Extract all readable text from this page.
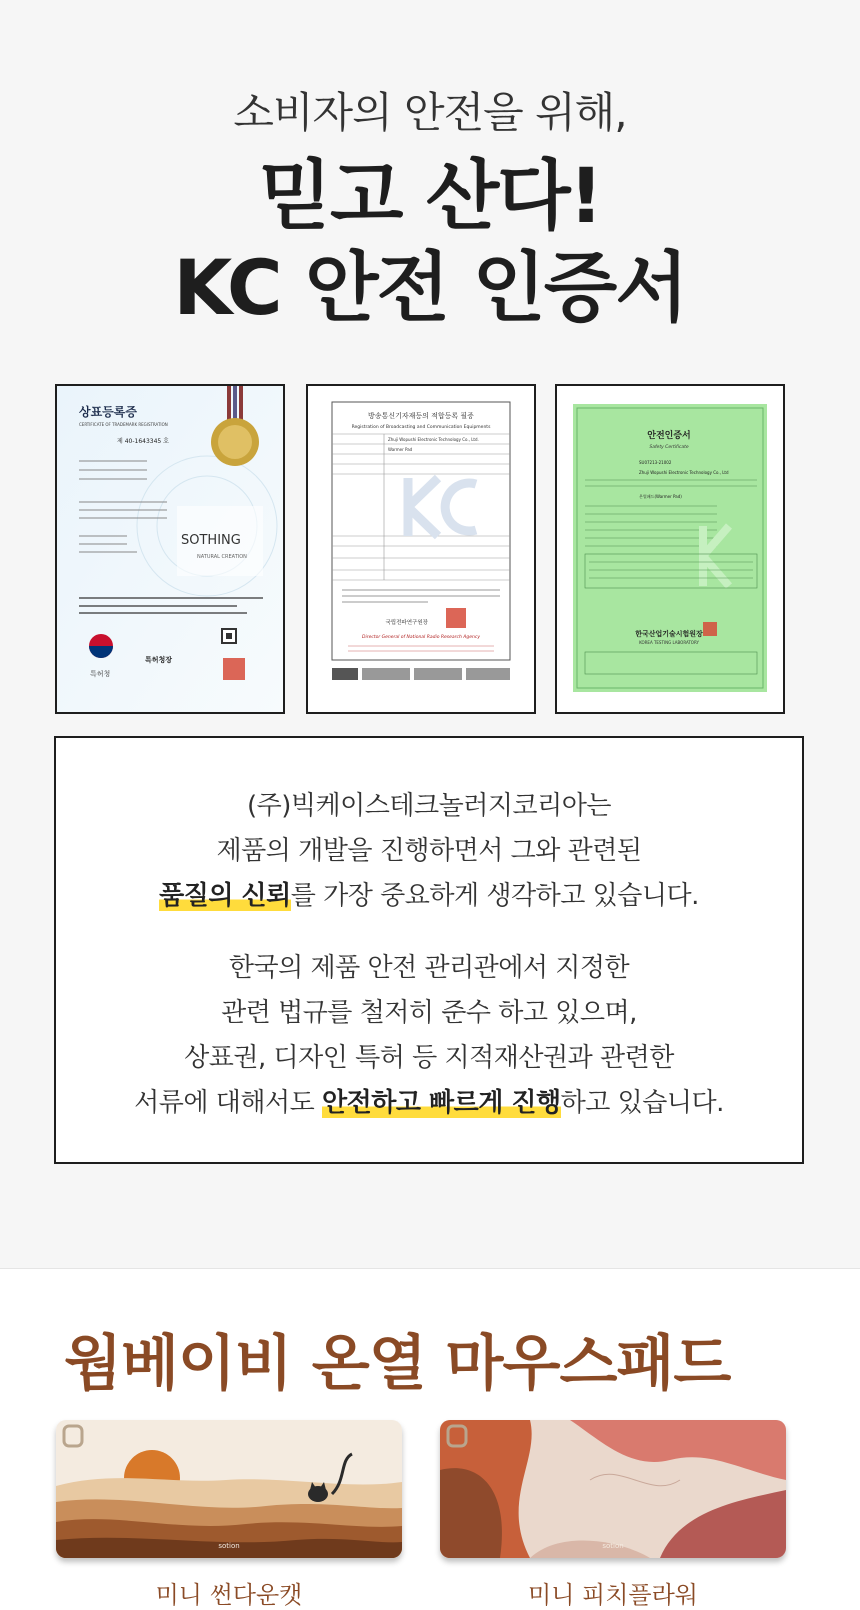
소비자의 안전을 위해,
믿고 산다!
KC 안전 인증서
상표등록증
CERTIFICATE OF TRADEMARK REGISTRATION
제 40-1643345 호
SOTHING
NATURAL CREATION
특허청
특허청장
방송통신기자재등의 적합등록 필증
Registration of Broadcasting and Communication Equipments
Zhuji Wopushi Electronic Technology Co., Ltd.
Warmer Pad
국립전파연구원장
Director General of National Radio Research Agency
안전인증서
Safety Certificate
SU07213-21002
Zhuji Wopushi Electronic Technology Co., Ltd
온열패드(Warmer Pad)
한국산업기술시험원장
KOREA TESTING LABORATORY
(주)빅케이스테크놀러지코리아는
제품의 개발을 진행하면서 그와 관련된
품질의 신뢰를 가장 중요하게 생각하고 있습니다.
한국의 제품 안전 관리관에서 지정한
관련 법규를 철저히 준수 하고 있으며,
상표권, 디자인 특허 등 지적재산권과 관련한
서류에 대해서도 안전하고 빠르게 진행하고 있습니다.
웜베이비 온열 마우스패드
sotion
미니 썬다운캣
sotion
미니 피치플라워
